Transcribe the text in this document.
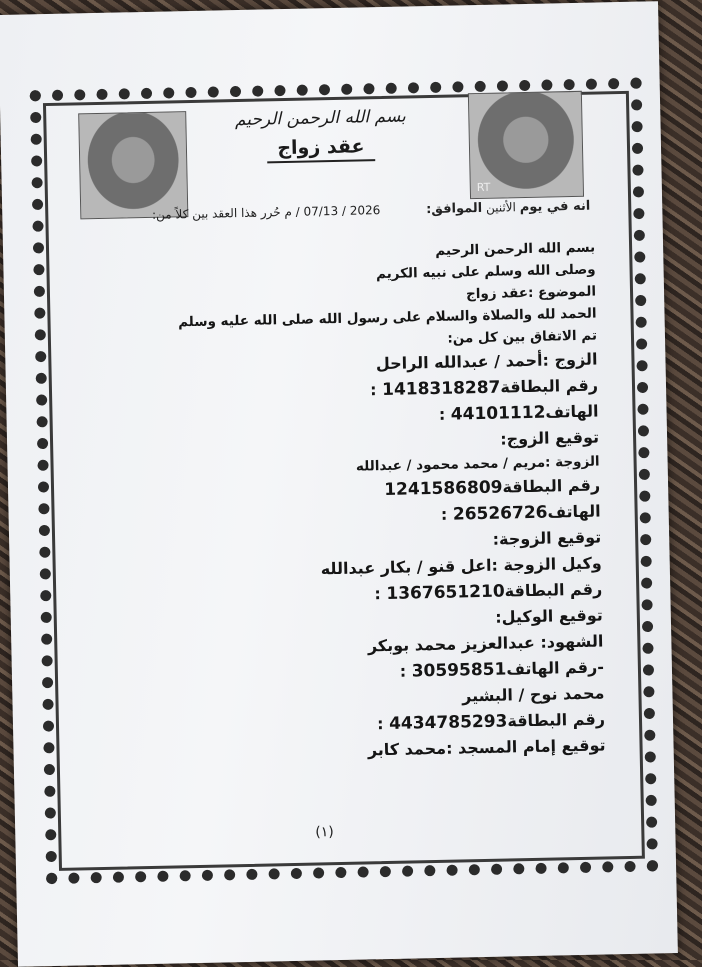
RT
بسم الله الرحمن الرحيم
عقد زواج
انه في يوم الأثنين الموافق:            2026 / 07/13 / م حُرر هذا العقد بين كلاً من:
بسم الله الرحمن الرحيم
وصلى الله وسلم على نبيه الكريم
الموضوع :عقد زواج
الحمد لله والصلاة والسلام على رسول الله صلى الله عليه وسلم
تم الاتفاق بين كل من:
الزوج :أحمد / عبدالله الراحل
رقم البطاقة1418318287 :
الهاتف44101112 :
توقيع الزوج:
الزوجة :مريم / محمد محمود / عبدالله
رقم البطاقة1241586809
الهاتف26526726 :
توقيع الزوجة:
وكيل الزوجة :اعل قنو / بكار عبدالله
رقم البطاقة1367651210 :
توقيع الوكيل:
الشهود: عبدالعزيز محمد بوبكر
-رقم الهاتف30595851 :
محمد نوح / البشير
رقم البطاقة4434785293 :
توقيع إمام المسجد :محمد كابر
(١)
